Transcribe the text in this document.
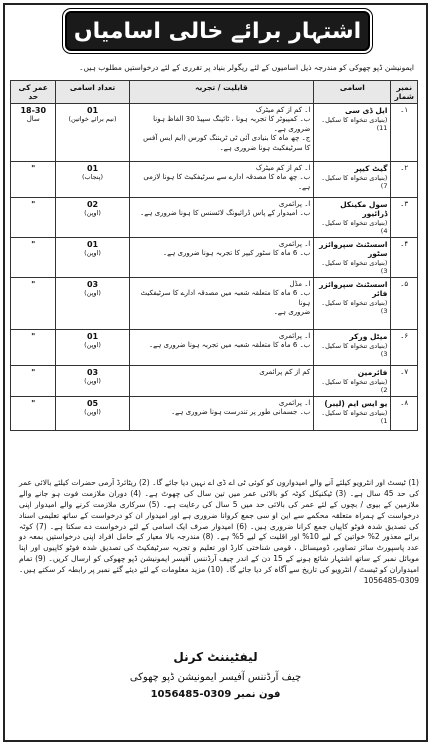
اشتہار برائے خالی اسامیاں
ایمونیشن ڈپو چھوکی کو مندرجہ ذیل اسامیوں کے لئے ریگولر بنیاد پر تقرری کے لئے درخواستیں مطلوب ہیں۔
نمبر شمار	اسامی	قابلیت / تجربہ	تعداد اسامی	عمر کی حد
۱۔	ایل ڈی سی
(بنیادی تنخواہ کا سکیل۔ 11)	ا۔ کم از کم میٹرک
ب۔ کمپیوٹر کا تجربہ ہونا ، ٹائپنگ سپیڈ 30 الفاظ ہونا ضروری ہے۔
ج۔ چھ ماہ کا بنیادی آئی ٹی ٹریننگ کورس (ایم ایس آفس
کا سرٹیفکیٹ ہونا ضروری ہے۔	01
(نیم برائے خواتین)	18-30
سال

۲۔	گیٹ کیپر
(بنیادی تنخواہ کا سکیل۔ 7)	ا۔ کم از کم میٹرک
ب۔ چھ ماہ کا مصدقہ ادارے سے سرٹیفکیٹ کا ہونا لازمی ہے۔	01
(پنجاب)	"

۳۔	سول مکینکل ڈرائیور
(بنیادی تنخواہ کا سکیل۔ 4)	ا۔ پرائمری
ب۔ امیدوار کے پاس ڈرائیونگ لائسنس کا ہونا ضروری ہے۔	02
(اوپن)	"

۴۔	اسسٹنٹ سپروائزر سٹور
(بنیادی تنخواہ کا سکیل۔ 3)	ا۔ پرائمری
ب۔ 6 ماہ کا سٹور کیپر کا تجربہ ہونا ضروری ہے۔	01
(اوپن)	"

۵۔	اسسٹنٹ سپروائزر فائر
(بنیادی تنخواہ کا سکیل۔ 3)	ا۔ مڈل
ب۔ 6 ماہ کا متعلقہ شعبہ میں مصدقہ ادارے کا سرٹیفکیٹ ہونا
ضروری ہے۔	03
(اوپن)	"

۶۔	میٹل ورکر
(بنیادی تنخواہ کا سکیل۔ 3)	ا۔ پرائمری
ب۔ 6 ماہ کا متعلقہ شعبہ میں تجربہ ہونا ضروری ہے۔	01
(اوپن)	"

۷۔	فائرمین
(بنیادی تنخواہ کا سکیل۔ 2)	کم از کم پرائمری	03
(اوپن)	"

۸۔	یو ایس ایم (لیبر)
(بنیادی تنخواہ کا سکیل۔ 1)	ا۔ پرائمری
ب۔ جسمانی طور پر تندرست ہونا ضروری ہے۔	05
(اوپن)	"
(1) ٹیسٹ اور انٹرویو کیلئے آنے والے امیدواروں کو کوئی ٹی اے ڈی اے نہیں دیا جائے گا۔ (2) ریٹائرڈ آرمی حضرات کیلئے بالائی عمر کی حد 45 سال ہے۔ (3) ٹیکنیکل کوٹہ کو بالائی عمر میں تین سال کی چھوٹ ہے۔ (4) دوران ملازمت فوت ہو جانے والے ملازمین کے بیوی / بچوں کے لئے عمر کی بالائی حد میں 5 سال کی رعایت ہے۔ (5) سرکاری ملازمت کرنے والے امیدوار اپنی درخواست کے ہمراہ متعلقہ محکمے سے این او سی جمع کروانا ضروری ہے اور امیدوار ان کو درخواست کے ساتھ تعلیمی اسناد کی تصدیق شدہ فوٹو کاپیاں جمع کرانا ضروری ہیں۔ (6) امیدوار صرف ایک اسامی کے لئے درخواست دے سکتا ہے۔ (7) کوٹہ برائے معذور 2% خواتین کے لیے 10% اور اقلیت کے لیے 5% ہے۔ (8) مندرجہ بالا معیار کے حامل افراد اپنی درخواستیں بمعہ دو عدد پاسپورٹ سائز تصاویر، ڈومیسائل ، قومی شناختی کارڈ اور تعلیم و تجربہ سرٹیفکیٹ کی تصدیق شدہ فوٹو کاپیوں اور اپنا موبائل نمبر کے ساتھ اشتہار شائع ہونے کے 15 دن کے اندر چیف آرڈننس آفیسر ایمونیشن ڈپو چھوکی کو ارسال کریں۔ (9) تمام امیدواران کو ٹیسٹ / انٹرویو کی تاریخ سے آگاہ کر دیا جائے گا۔ (10) مزید معلومات کے لئے دیئے گئے نمبر پر رابطہ کر سکتے ہیں۔ 0309-1056485
لیفٹیننٹ کرنل
چیف آرڈننس آفیسر ایمونیشن ڈپو چھوکی
فون نمبر 0309-1056485
